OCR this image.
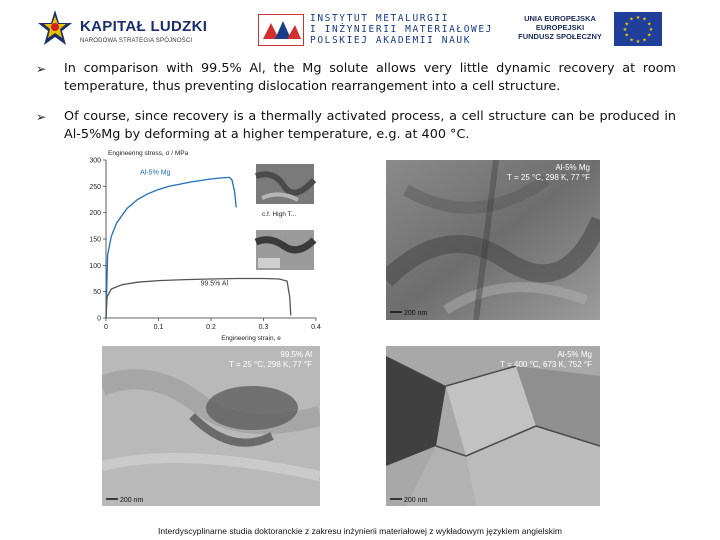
KAPITAŁ LUDZKI
NARODOWA STRATEGIA SPÓJNOŚCI
INSTYTUT METALURGII
I INŻYNIERII MATERIAŁOWEJ
POLSKIEJ AKADEMII NAUK
UNIA EUROPEJSKA
EUROPEJSKI
FUNDUSZ SPOŁECZNY
★ ★
★
★
★
★
★
★
★
★
★
★
➢ In comparison with 99.5% Al, the Mg solute allows very little dynamic recovery at room temperature, thus preventing dislocation rearrangement into a cell structure.
➢ Of course, since recovery is a thermally activated process, a cell structure can be produced in Al-5%Mg by deforming at a higher temperature, e.g. at 400 °C.
0	0.1	0.2	0.3	0.4
0
50
100
150
200
250
300
Engineering stress, σ / MPa
Engineering strain, e
Al-5% Mg
99.5% Al
c.f. High T...
Al-5% Mg
T = 25 °C, 298 K, 77 °F
200 nm
99.5% Al
T = 25 °C, 298 K, 77 °F
200 nm
Al-5% Mg
T = 400 °C, 673 K, 752 °F
200 nm
Interdyscyplinarne studia doktoranckie z zakresu inżynierii materiałowej z wykładowym językiem angielskim
